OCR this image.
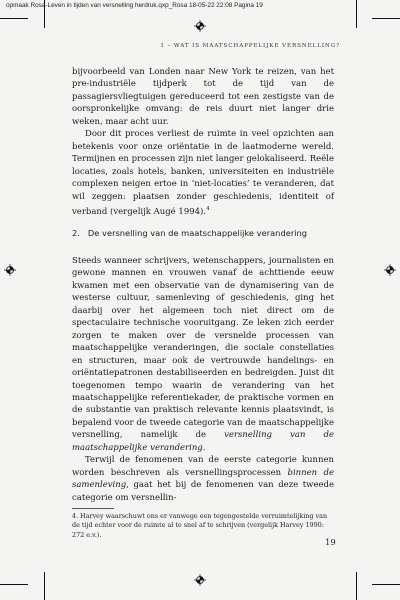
opmaak Rosa-Leven in tijden van versnelling herdruk.qxp_Rosa 18-05-22 22:08 Pagina 19
1 – WAT IS MAATSCHAPPELIJKE VERSNELLING?

bijvoorbeeld van Londen naar New York te reizen, van het pre-industriële tijdperk tot de tijd van de passagiersvliegtuigen gereduceerd tot een zestigste van de oorspronkelijke omvang: de reis duurt niet langer drie weken, maar acht uur.

Door dit proces verliest de ruimte in veel opzichten aan betekenis voor onze oriëntatie in de laatmoderne wereld. Termijnen en processen zijn niet langer gelokaliseerd. Reële locaties, zoals hotels, banken, universiteiten en industriële complexen neigen ertoe in ‘niet-locaties’ te veranderen, dat wil zeggen: plaatsen zonder geschiedenis, identiteit of verband (vergelijk Augé 1994).$^4$

2. De versnelling van de maatschappelijke verandering

Steeds wanneer schrijvers, wetenschappers, journalisten en gewone mannen en vrouwen vanaf de achttiende eeuw kwamen met een observatie van de dynamisering van de westerse cultuur, samenleving of geschiedenis, ging het daarbij over het algemeen toch niet direct om de spectaculaire technische vooruitgang. Ze leken zich eerder zorgen te maken over de versnelde processen van maatschappelijke veranderingen, die sociale constellaties en structuren, maar ook de vertrouwde handelings- en oriëntatiepatronen destabiliseerden en bedreigden. Juist dit toegenomen tempo waarin de verandering van het maatschappelijke referentiekader, de praktische vormen en de substantie van praktisch relevante kennis plaatsvindt, is bepalend voor de tweede categorie van de maatschappelijke versnelling, namelijk de versnelling van de maatschappelijke verandering.

Terwijl de fenomenen van de eerste categorie kunnen worden beschreven als versnellingsprocessen binnen de samenleving, gaat het bij de fenomenen van deze tweede categorie om versnellin-

4. Harvey waarschuwt ons er vanwege een tegengestelde verruimtelijking van de tijd echter voor de ruimte al te snel af te schrijven (vergelijk Harvey 1990: 272 e.v.).
19
